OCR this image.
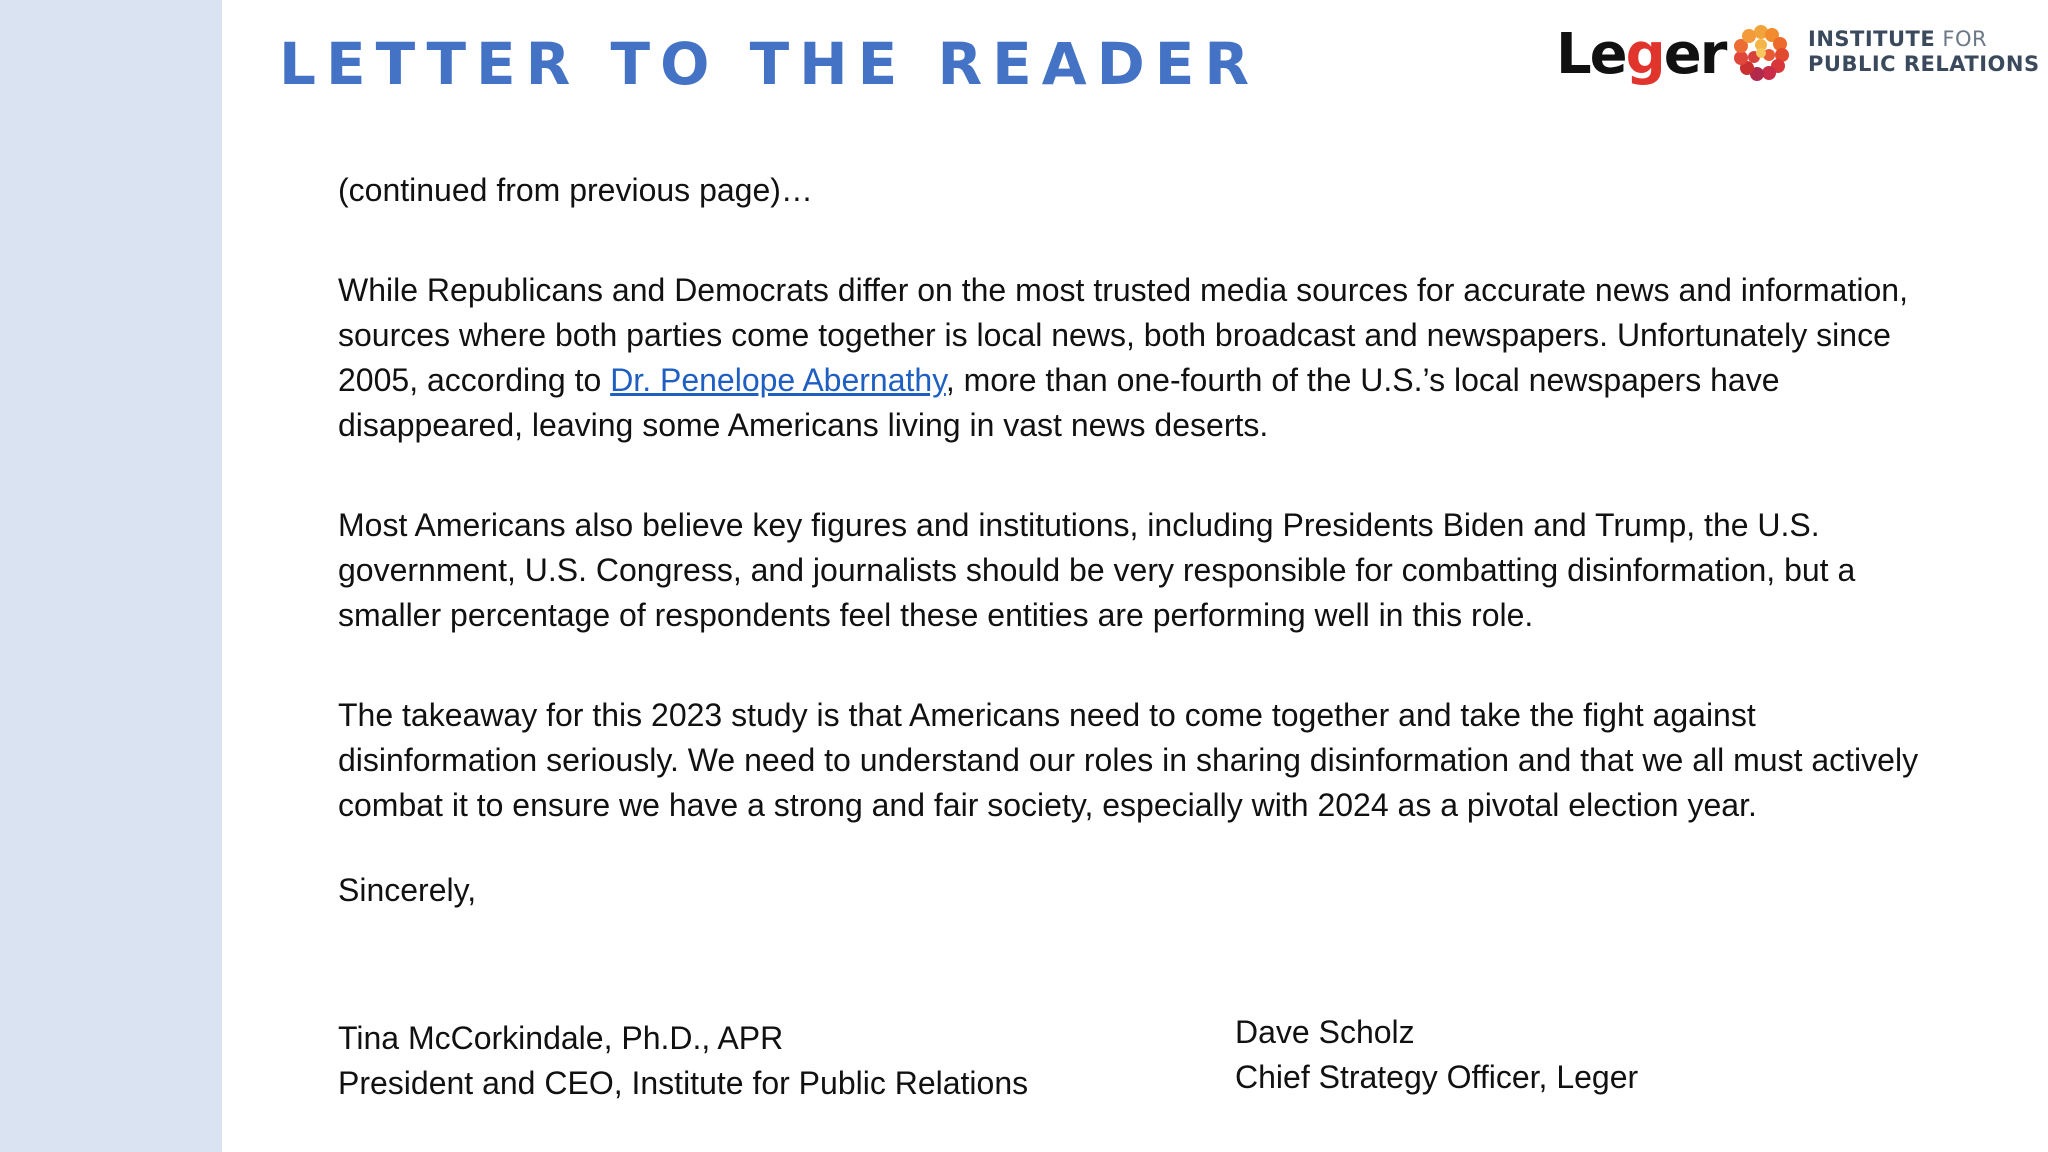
LETTER TO THE READER	Leger	INSTITUTE FOR
PUBLIC RELATIONS

(continued from previous page)…

While Republicans and Democrats differ on the most trusted media sources for accurate news and information, sources where both parties come together is local news, both broadcast and newspapers. Unfortunately since 2005, according to Dr. Penelope Abernathy, more than one-fourth of the U.S.’s local newspapers have disappeared, leaving some Americans living in vast news deserts.

Most Americans also believe key figures and institutions, including Presidents Biden and Trump, the U.S. government, U.S. Congress, and journalists should be very responsible for combatting disinformation, but a smaller percentage of respondents feel these entities are performing well in this role.

The takeaway for this 2023 study is that Americans need to come together and take the fight against disinformation seriously. We need to understand our roles in sharing disinformation and that we all must actively combat it to ensure we have a strong and fair society, especially with 2024 as a pivotal election year.

Sincerely,

Tina McCorkindale, Ph.D., APR
President and CEO, Institute for Public Relations
Dave Scholz
Chief Strategy Officer, Leger
